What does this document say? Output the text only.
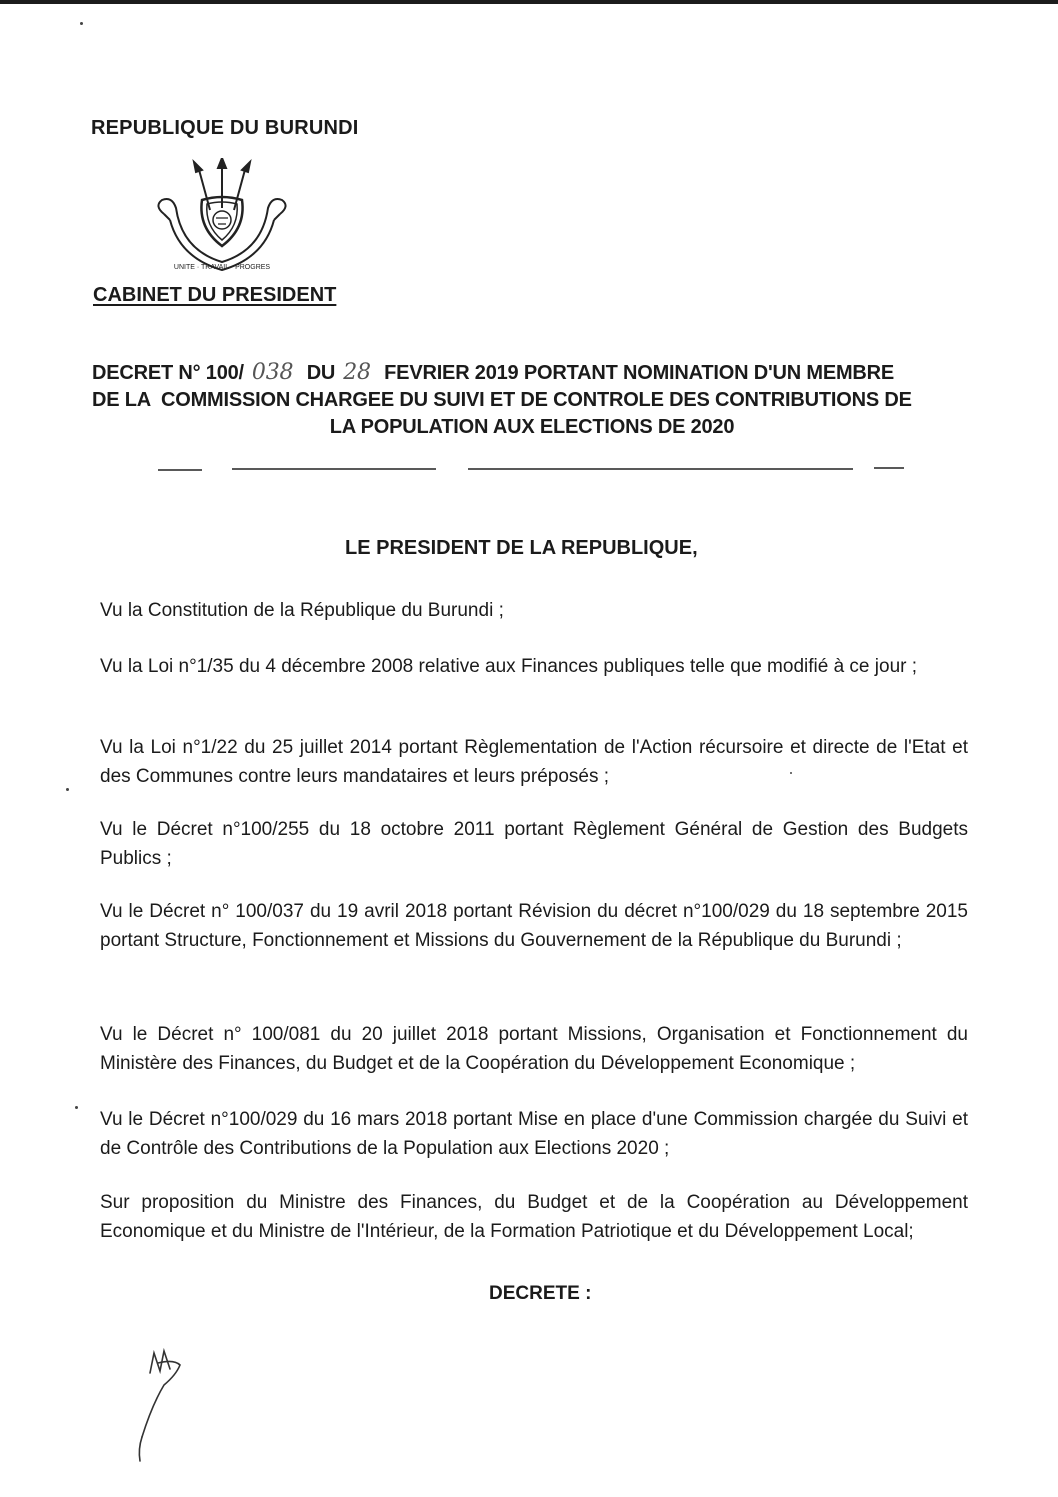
REPUBLIQUE DU BURUNDI
UNITE · TRAVAIL · PROGRES
CABINET DU PRESIDENT
DECRET N° 100/ 038 DU 28 FEVRIER 2019 PORTANT NOMINATION D'UN MEMBRE
DE LA  COMMISSION CHARGEE DU SUIVI ET DE CONTROLE DES CONTRIBUTIONS DE
LA POPULATION AUX ELECTIONS DE 2020
LE PRESIDENT DE LA REPUBLIQUE,
Vu la Constitution de la République du Burundi ;
Vu la Loi n°1/35 du 4 décembre 2008 relative aux Finances publiques telle que modifié à ce jour ;
Vu la Loi n°1/22 du 25 juillet 2014 portant Règlementation de l'Action récursoire et directe de l'Etat et des Communes contre leurs mandataires et leurs préposés ;
Vu le Décret n°100/255 du 18 octobre 2011 portant Règlement Général de Gestion des Budgets Publics ;
Vu le Décret n° 100/037 du 19 avril 2018 portant Révision du décret n°100/029 du 18 septembre 2015 portant Structure, Fonctionnement et Missions du Gouvernement de la République du Burundi ;
Vu le Décret n° 100/081 du 20 juillet 2018 portant Missions, Organisation et Fonctionnement du Ministère des Finances, du Budget et de la Coopération du Développement Economique ;
Vu le Décret n°100/029 du 16 mars 2018 portant Mise en place d'une Commission chargée du Suivi et de Contrôle des Contributions de la Population aux Elections 2020 ;
Sur proposition du Ministre des Finances, du Budget et de la Coopération au Développement Economique et du Ministre de l'Intérieur, de la Formation Patriotique et du Développement Local;
DECRETE :
